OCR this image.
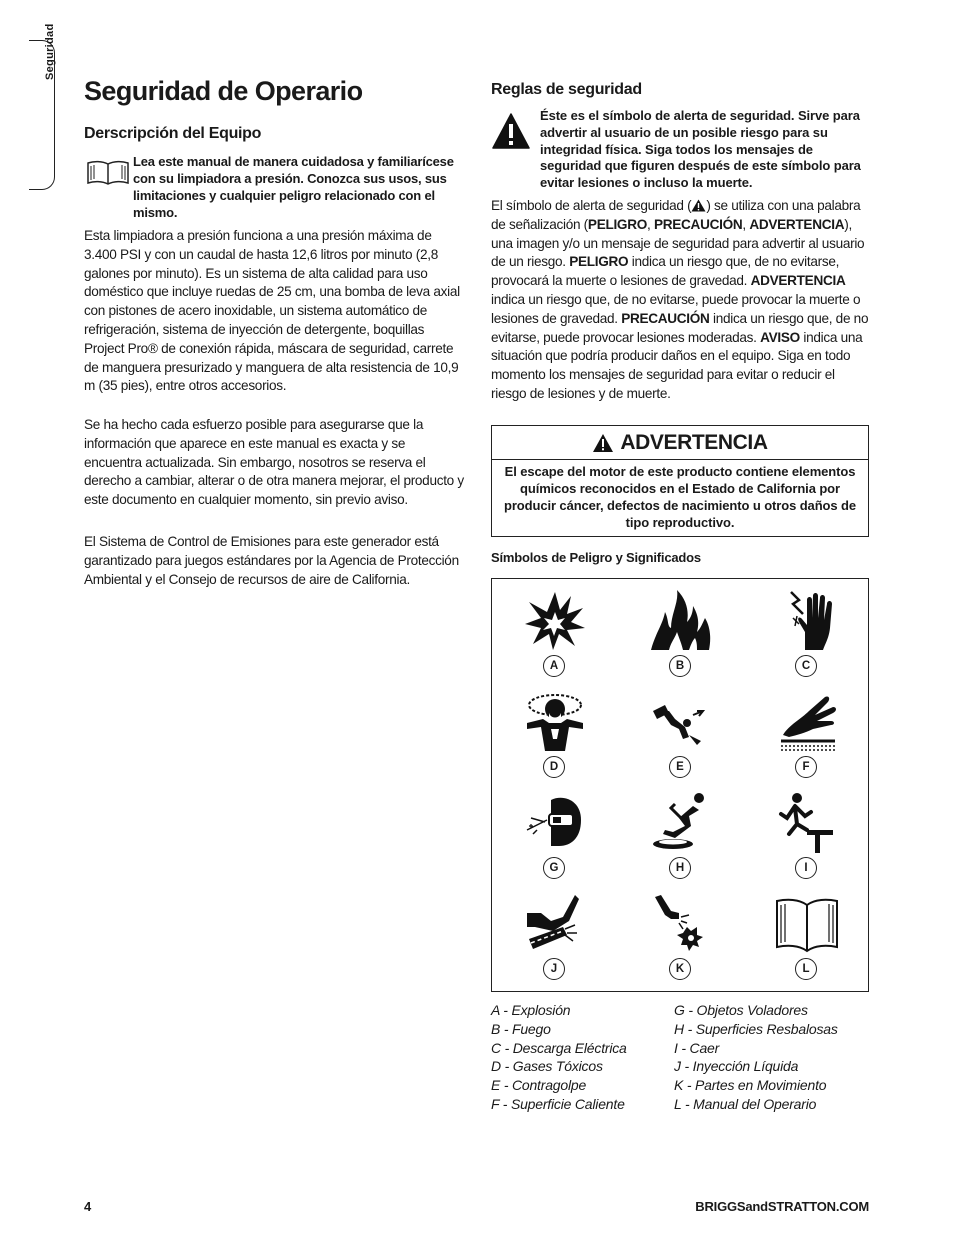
Seguridad
Seguridad de Operario
Derscripción del Equipo
Lea este manual de manera cuidadosa y familiarícese con su limpiadora a presión. Conozca sus usos, sus limitaciones y cualquier peligro relacionado con el mismo.

Esta limpiadora a presión funciona a una presión máxima de 3.400 PSI y con un caudal de hasta 12,6 litros por minuto (2,8 galones por minuto). Es un sistema de alta calidad para uso doméstico que incluye ruedas de 25 cm, una bomba de leva axial con pistones de acero inoxidable, un sistema automático de refrigeración, sistema de inyección de detergente, boquillas Project Pro® de conexión rápida, máscara de seguridad, carrete de manguera presurizado y manguera de alta resistencia de 10,9 m (35 pies), entre otros accesorios.

Se ha hecho cada esfuerzo posible para asegurarse que la información que aparece en este manual es exacta y se encuentra actualizada. Sin embargo, nosotros se reserva el derecho a cambiar, alterar o de otra manera mejorar, el producto y este documento en cualquier momento, sin previo aviso.

El Sistema de Control de Emisiones para este generador está garantizado para juegos estándares por la Agencia de Protección Ambiental y el Consejo de recursos de aire de California.

Reglas de seguridad
Éste es el símbolo de alerta de seguridad. Sirve para advertir al usuario de un posible riesgo para su integridad física. Siga todos los mensajes de seguridad que figuren después de este símbolo para evitar lesiones o incluso la muerte.

El símbolo de alerta de seguridad ( ) se utiliza con una palabra de señalización (PELIGRO, PRECAUCIÓN, ADVERTENCIA), una imagen y/o un mensaje de seguridad para advertir al usuario de un riesgo. PELIGRO indica un riesgo que, de no evitarse, provocará la muerte o lesiones de gravedad. ADVERTENCIA indica un riesgo que, de no evitarse, puede provocar la muerte o lesiones de gravedad. PRECAUCIÓN indica un riesgo que, de no evitarse, puede provocar lesiones moderadas. AVISO indica una situación que podría producir daños en el equipo. Siga en todo momento los mensajes de seguridad para evitar o reducir el riesgo de lesiones y de muerte.

ADVERTENCIA
El escape del motor de este producto contiene elementos químicos reconocidos en el Estado de California por producir cáncer, defectos de nacimiento u otros daños de tipo reproductivo.
Símbolos de Peligro y Significados
A	B	C
D	E	F
G	H	I
J	K	L
A - Explosión
B - Fuego
C - Descarga Eléctrica
D - Gases Tóxicos
E - Contragolpe
F - Superficie Caliente
G - Objetos Voladores
H - Superficies Resbalosas
I - Caer
J - Inyección Líquida
K - Partes en Movimiento
L - Manual del Operario
4	BRIGGSandSTRATTON.COM
